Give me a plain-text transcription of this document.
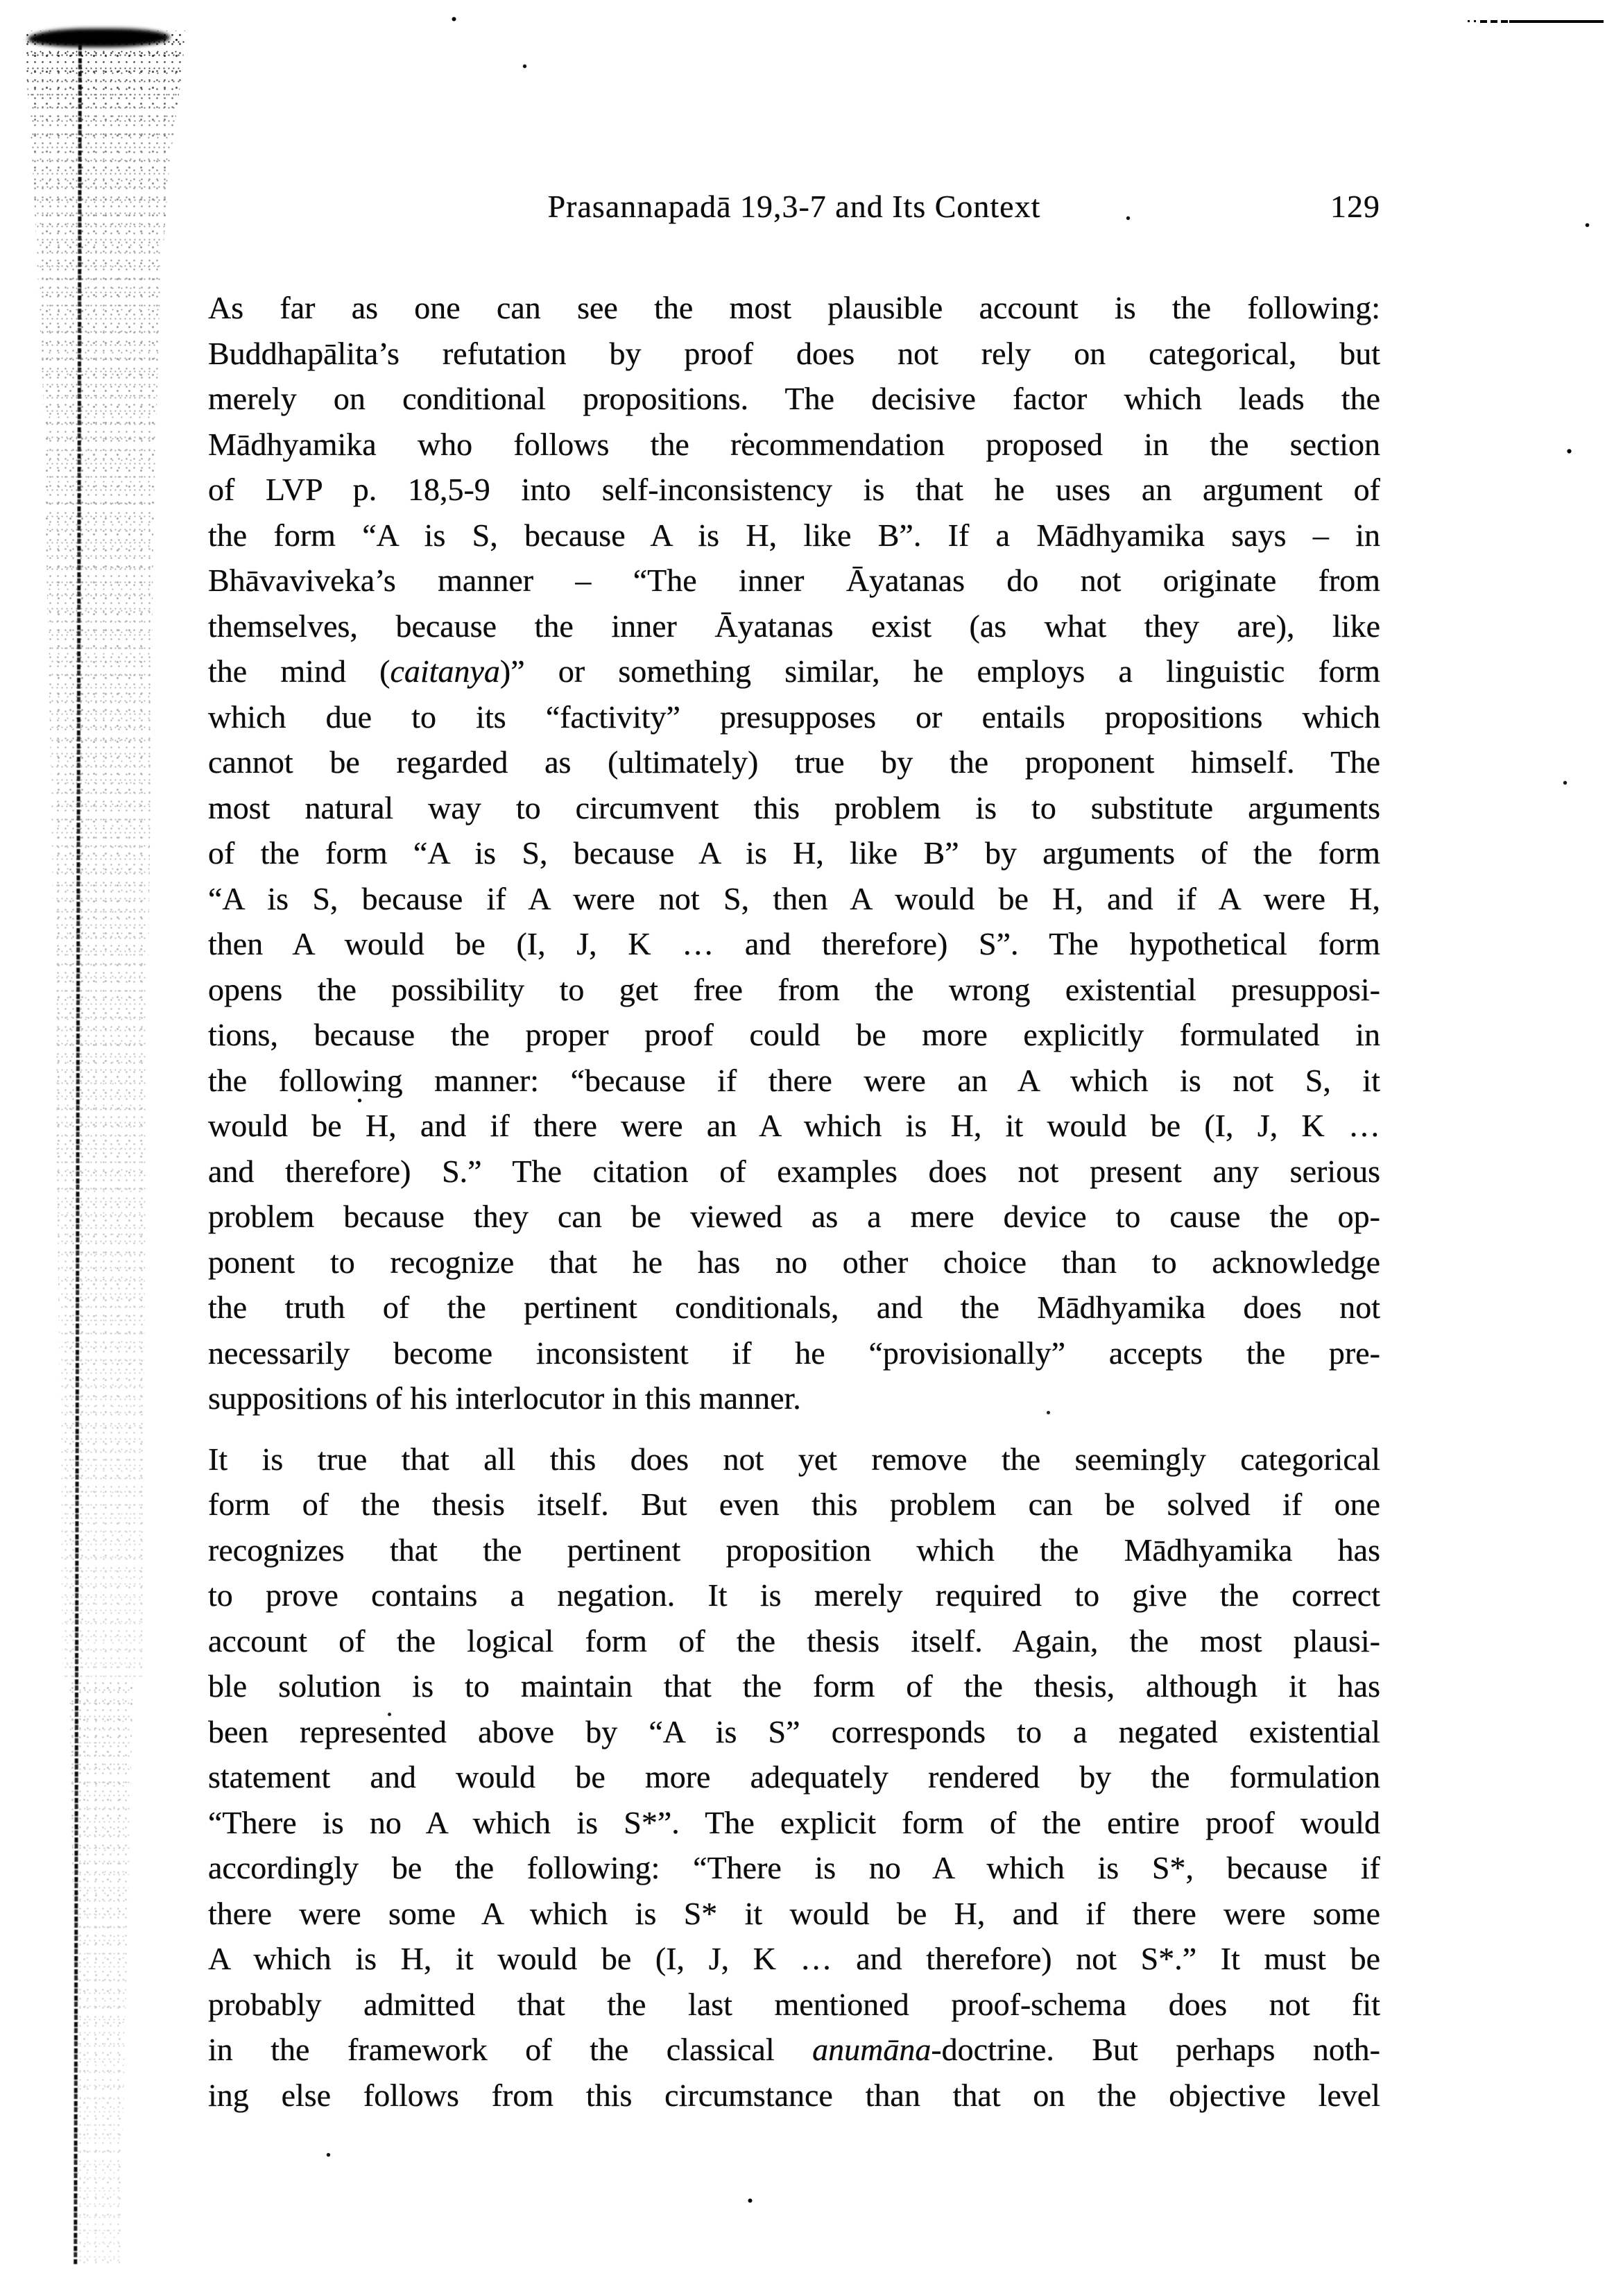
Prasannapadā 19,3-7 and Its Context	129
As far as one can see the most plausible account is the following:
Buddhapālita’s refutation by proof does not rely on categorical, but
merely on conditional propositions. The decisive factor which leads the
Mādhyamika who follows the recommendation proposed in the section
of LVP p. 18,5-9 into self-inconsistency is that he uses an argument of
the form “A is S, because A is H, like B”. If a Mādhyamika says – in
Bhāvaviveka’s manner – “The inner Āyatanas do not originate from
themselves, because the inner Āyatanas exist (as what they are), like
the mind (caitanya)” or something similar, he employs a linguistic form
which due to its “factivity” presupposes or entails propositions which
cannot be regarded as (ultimately) true by the proponent himself. The
most natural way to circumvent this problem is to substitute arguments
of the form “A is S, because A is H, like B” by arguments of the form
“A is S, because if A were not S, then A would be H, and if A were H,
then A would be (I, J, K … and therefore) S”. The hypothetical form
opens the possibility to get free from the wrong existential presupposi-
tions, because the proper proof could be more explicitly formulated in
the following manner: “because if there were an A which is not S, it
would be H, and if there were an A which is H, it would be (I, J, K …
and therefore) S.” The citation of examples does not present any serious
problem because they can be viewed as a mere device to cause the op-
ponent to recognize that he has no other choice than to acknowledge
the truth of the pertinent conditionals, and the Mādhyamika does not
necessarily become inconsistent if he “provisionally” accepts the pre-
suppositions of his interlocutor in this manner.
It is true that all this does not yet remove the seemingly categorical
form of the thesis itself. But even this problem can be solved if one
recognizes that the pertinent proposition which the Mādhyamika has
to prove contains a negation. It is merely required to give the correct
account of the logical form of the thesis itself. Again, the most plausi-
ble solution is to maintain that the form of the thesis, although it has
been represented above by “A is S” corresponds to a negated existential
statement and would be more adequately rendered by the formulation
“There is no A which is S*”. The explicit form of the entire proof would
accordingly be the following: “There is no A which is S*, because if
there were some A which is S* it would be H, and if there were some
A which is H, it would be (I, J, K … and therefore) not S*.” It must be
probably admitted that the last mentioned proof-schema does not fit
in the framework of the classical anumāna-doctrine. But perhaps noth-
ing else follows from this circumstance than that on the objective level
